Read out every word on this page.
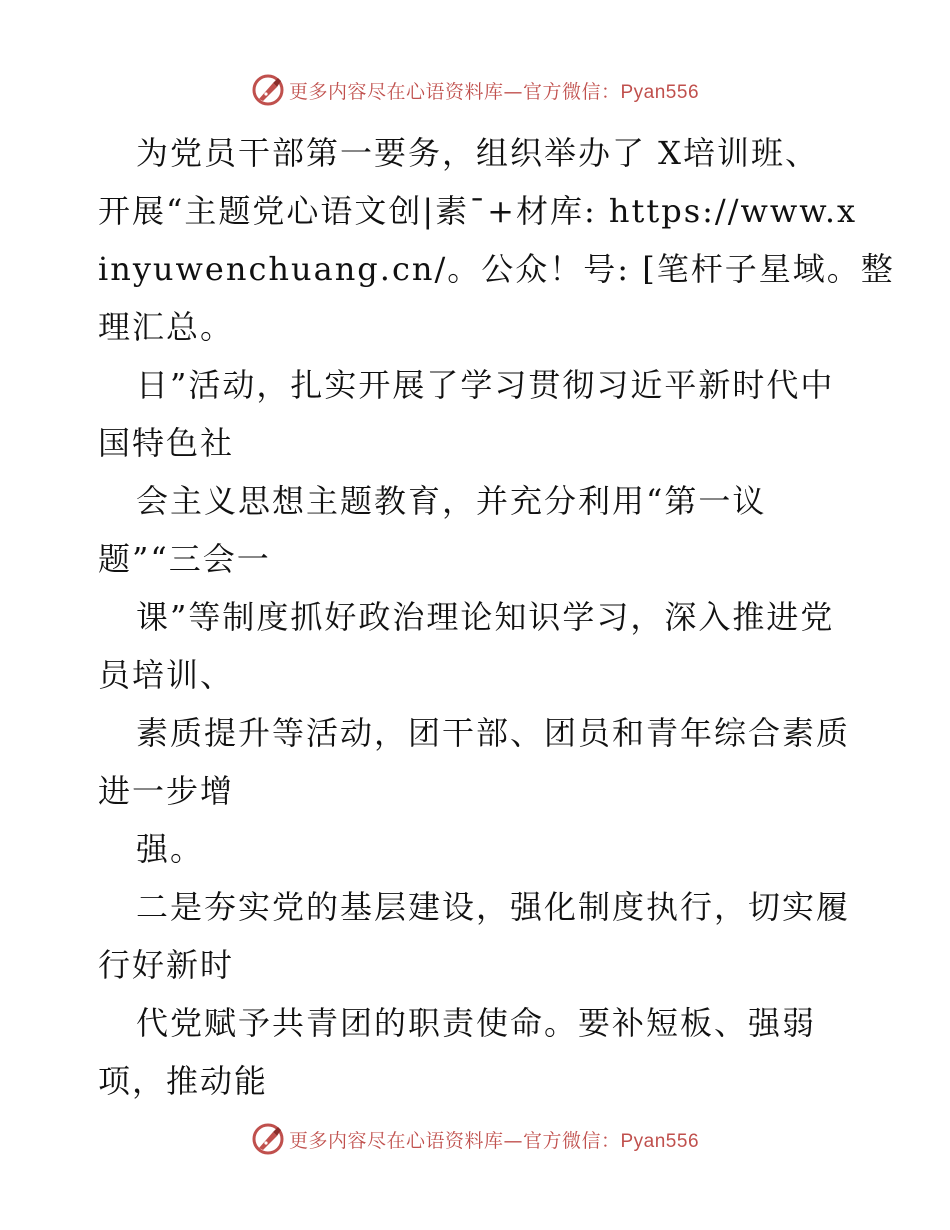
更多内容尽在心语资料库—官方微信：Pyan556
为党员干部第一要务，组织举办了 X培训班、
开展“主题党心语文创|素¯+材库: https://www.x
inyuwenchuang.cn/。公众！号: [笔杆子星域。整
理汇总。
日”活动，扎实开展了学习贯彻习近平新时代中
国特色社
会主义思想主题教育，并充分利用“第一议
题”“三会一
课”等制度抓好政治理论知识学习，深入推进党
员培训、
素质提升等活动，团干部、团员和青年综合素质
进一步增
强。
二是夯实党的基层建设，强化制度执行，切实履
行好新时
代党赋予共青团的职责使命。要补短板、强弱
项，推动能
更多内容尽在心语资料库—官方微信：Pyan556
